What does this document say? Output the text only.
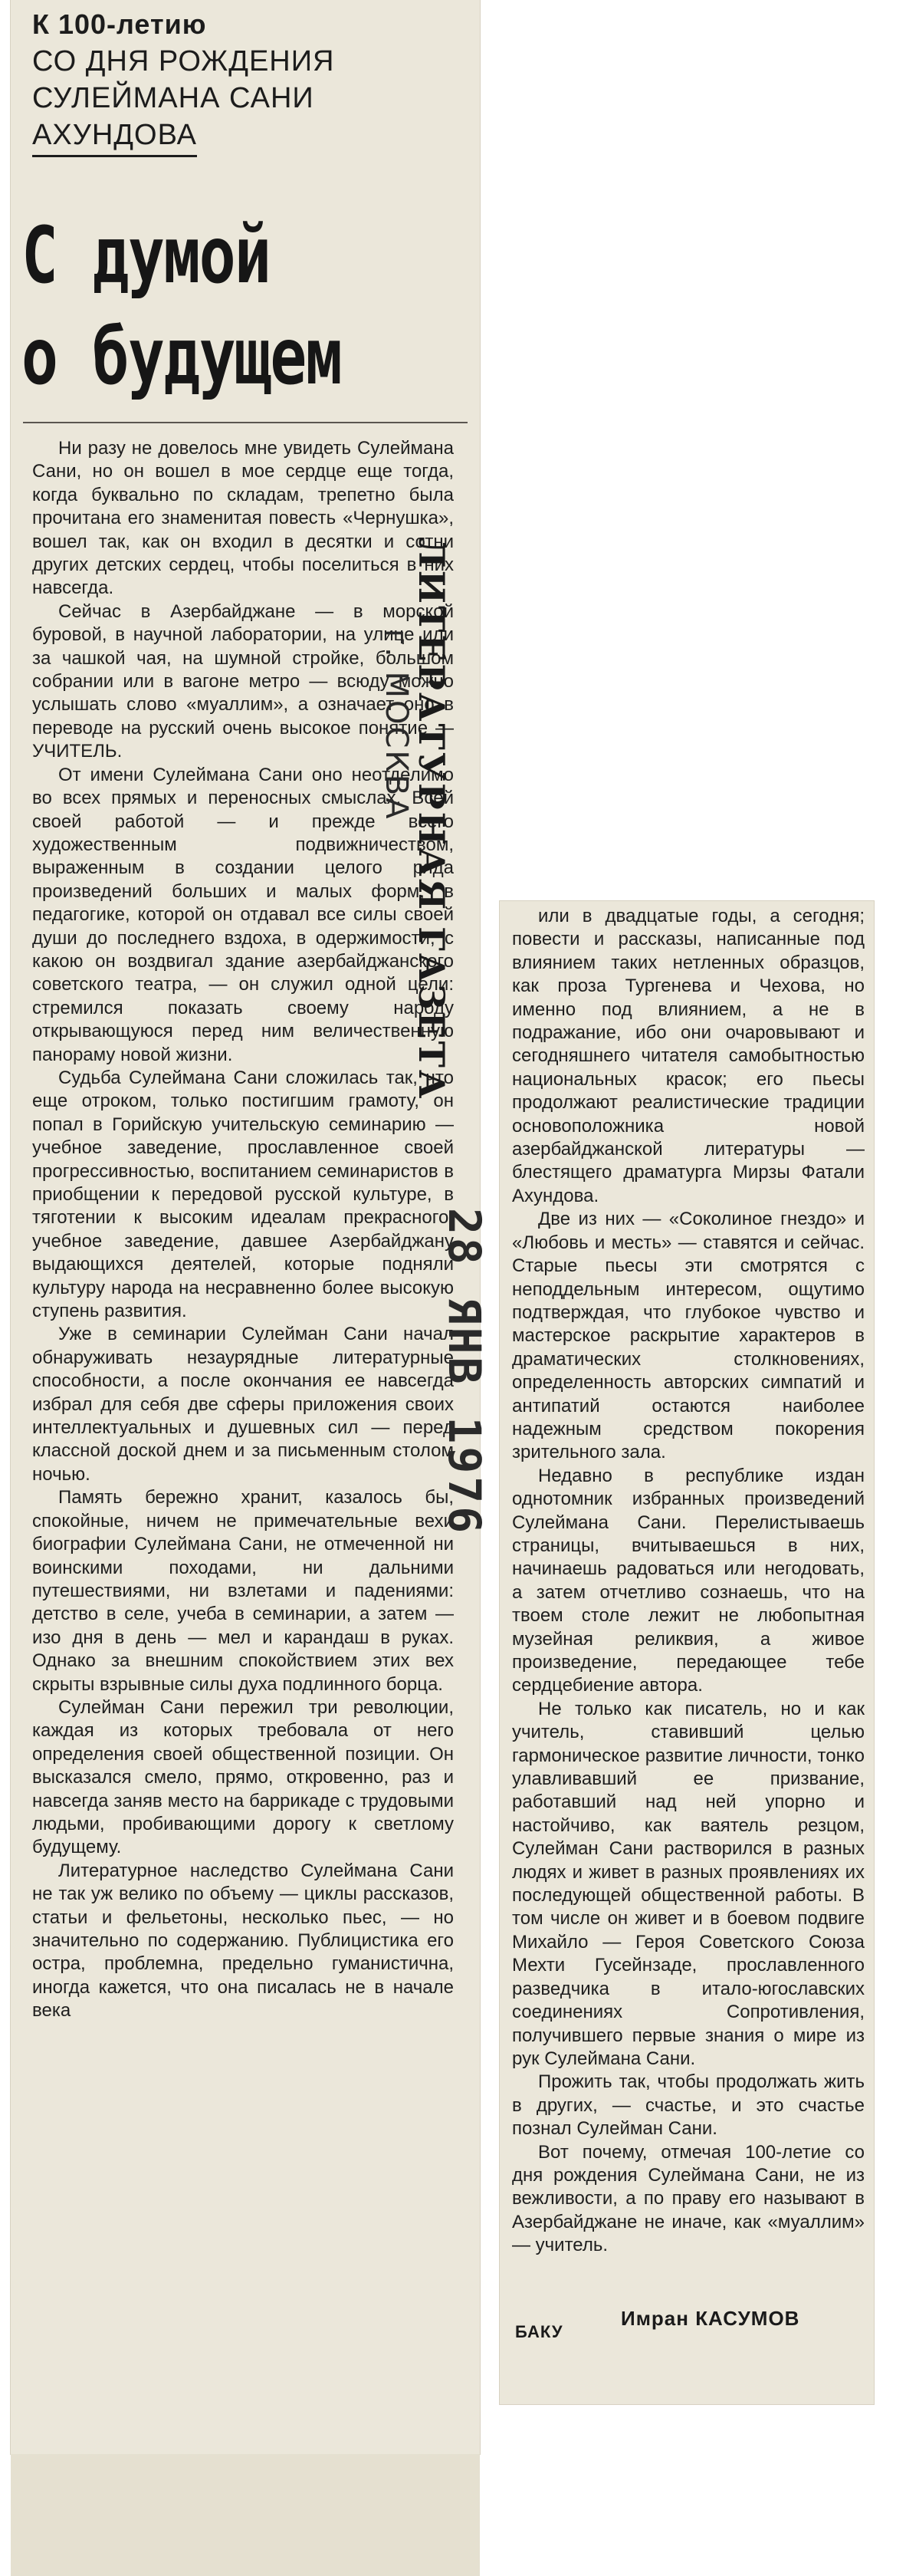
К 100-летию
СО ДНЯ РОЖДЕНИЯ
СУЛЕЙМАНА САНИ
АХУНДОВА
С думой
о будущем

Ни разу не довелось мне увидеть Сулеймана Сани, но он вошел в мое сердце еще тогда, когда буквально по складам, трепетно была прочитана его знаменитая повесть «Чернушка», вошел так, как он входил в десятки и сотни других детских сердец, чтобы поселиться в них навсегда.

Сейчас в Азербайджане — в морской буровой, в научной лаборатории, на улице или за чашкой чая, на шумной стройке, большом собрании или в вагоне метро — всюду можно услышать слово «муаллим», а означает оно в переводе на русский очень высокое понятие — УЧИТЕЛЬ.

От имени Сулеймана Сани оно неотделимо во всех прямых и переносных смыслах. Всей своей работой — и прежде всего художественным подвижничеством, выраженным в создании целого ряда произведений больших и малых форм, в педагогике, которой он отдавал все силы своей души до последнего вздоха, в одержимости, с какою он воздвигал здание азербайджанского советского театра, — он служил одной цели: стремился показать своему народу открывающуюся перед ним величественную панораму новой жизни.

Судьба Сулеймана Сани сложилась так, что еще отроком, только постигшим грамоту, он попал в Горийскую учительскую семинарию — учебное заведение, прославленное своей прогрессивностью, воспитанием семинаристов в приобщении к передовой русской культуре, в тяготении к высоким идеалам прекрасного, учебное заведение, давшее Азербайджану выдающихся деятелей, которые подняли культуру народа на несравненно более высокую ступень развития.

Уже в семинарии Сулейман Сани начал обнаруживать незаурядные литературные способности, а после окончания ее навсегда избрал для себя две сферы приложения своих интеллектуальных и душевных сил — перед классной доской днем и за письменным столом ночью.

Память бережно хранит, казалось бы, спокойные, ничем не примечательные вехи биографии Сулеймана Сани, не отмеченной ни воинскими походами, ни дальними путешествиями, ни взлетами и падениями: детство в селе, учеба в семинарии, а затем — изо дня в день — мел и карандаш в руках. Однако за внешним спокойствием этих вех скрыты взрывные силы духа подлинного борца.

Сулейман Сани пережил три революции, каждая из которых требовала от него определения своей общественной позиции. Он высказался смело, прямо, откровенно, раз и навсегда заняв место на баррикаде с трудовыми людьми, пробивающими дорогу к светлому будущему.

Литературное наследство Сулеймана Сани не так уж велико по объему — циклы рассказов, статьи и фельетоны, несколько пьес, — но значительно по содержанию. Публицистика его остра, проблемна, предельно гуманистична, иногда кажется, что она писалась не в начале века

ЛИТЕРАТУРНАЯ ГАЗЕТА
г. МОСКВА
28 ЯНВ 1976

или в двадцатые годы, а сегодня; повести и рассказы, написанные под влиянием таких нетленных образцов, как проза Тургенева и Чехова, но именно под влиянием, а не в подражание, ибо они очаровывают и сегодняшнего читателя самобытностью национальных красок; его пьесы продолжают реалистические традиции основоположника новой азербайджанской литературы — блестящего драматурга Мирзы Фатали Ахундова.

Две из них — «Соколиное гнездо» и «Любовь и месть» — ставятся и сейчас. Старые пьесы эти смотрятся с неподдельным интересом, ощутимо подтверждая, что глубокое чувство и мастерское раскрытие характеров в драматических столкновениях, определенность авторских симпатий и антипатий остаются наиболее надежным средством покорения зрительного зала.

Недавно в республике издан однотомник избранных произведений Сулеймана Сани. Перелистываешь страницы, вчитываешься в них, начинаешь радоваться или негодовать, а затем отчетливо сознаешь, что на твоем столе лежит не любопытная музейная реликвия, а живое произведение, передающее тебе сердцебиение автора.

Не только как писатель, но и как учитель, ставивший целью гармоническое развитие личности, тонко улавливавший ее призвание, работавший над ней упорно и настойчиво, как ваятель резцом, Сулейман Сани растворился в разных людях и живет в разных проявлениях их последующей общественной работы. В том числе он живет и в боевом подвиге Михайло — Героя Советского Союза Мехти Гусейнзаде, прославленного разведчика в итало-югославских соединениях Сопротивления, получившего первые знания о мире из рук Сулеймана Сани.

Прожить так, чтобы продолжать жить в других, — счастье, и это счастье познал Сулейман Сани.

Вот почему, отмечая 100-летие со дня рождения Сулеймана Сани, не из вежливости, а по праву его называют в Азербайджане не иначе, как «муаллим» — учитель.

Имран КАСУМОВ
БАКУ
